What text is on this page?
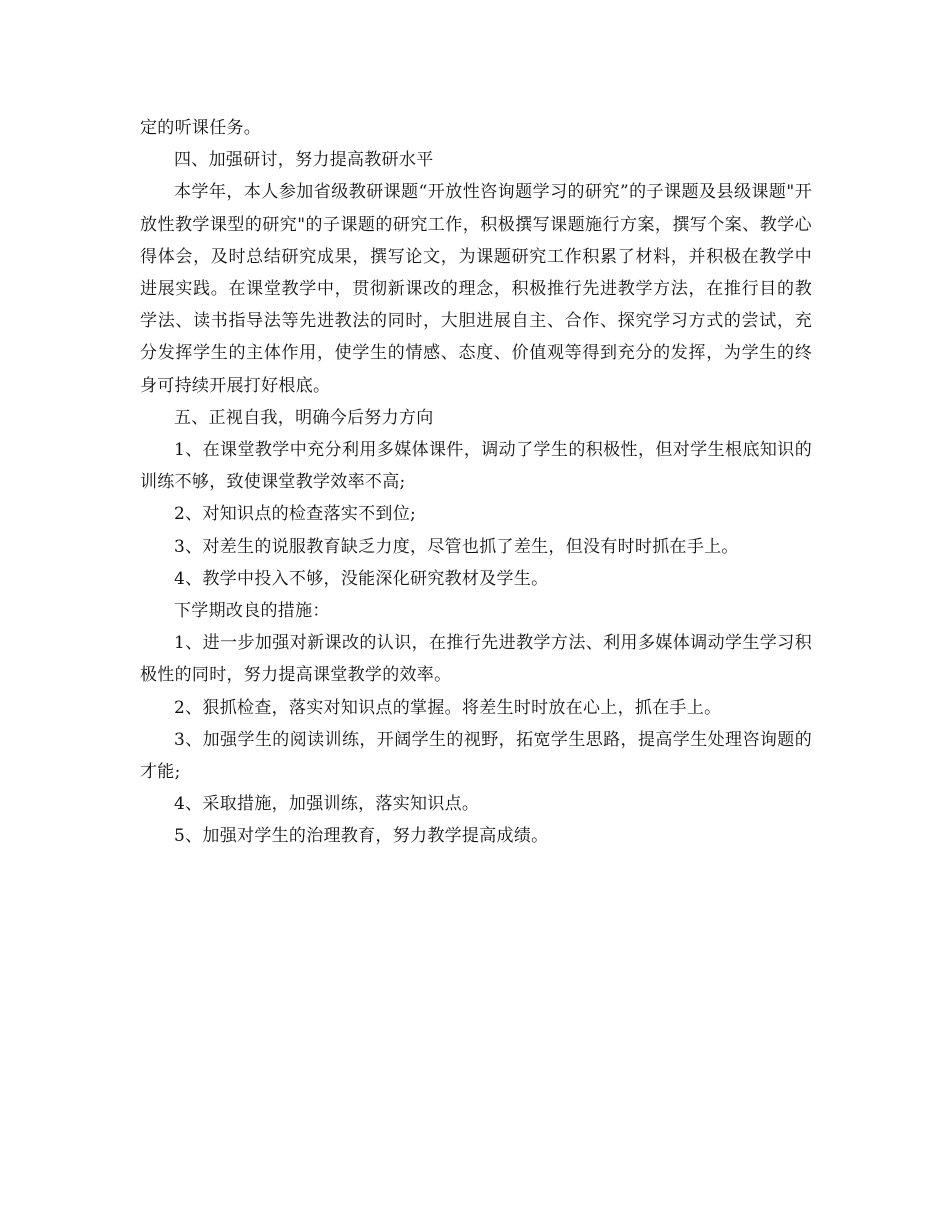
定的听课任务。

四、加强研讨，努力提高教研水平

本学年，本人参加省级教研课题“开放性咨询题学习的研究”的子课题及县级课题"开放性教学课型的研究"的子课题的研究工作，积极撰写课题施行方案，撰写个案、教学心得体会，及时总结研究成果，撰写论文，为课题研究工作积累了材料，并积极在教学中进展实践。在课堂教学中，贯彻新课改的理念，积极推行先进教学方法，在推行目的教学法、读书指导法等先进教法的同时，大胆进展自主、合作、探究学习方式的尝试，充分发挥学生的主体作用，使学生的情感、态度、价值观等得到充分的发挥，为学生的终身可持续开展打好根底。

五、正视自我，明确今后努力方向

1、在课堂教学中充分利用多媒体课件，调动了学生的积极性，但对学生根底知识的训练不够，致使课堂教学效率不高;

2、对知识点的检查落实不到位;

3、对差生的说服教育缺乏力度，尽管也抓了差生，但没有时时抓在手上。

4、教学中投入不够，没能深化研究教材及学生。

下学期改良的措施：

1、进一步加强对新课改的认识，在推行先进教学方法、利用多媒体调动学生学习积极性的同时，努力提高课堂教学的效率。

2、狠抓检查，落实对知识点的掌握。将差生时时放在心上，抓在手上。

3、加强学生的阅读训练，开阔学生的视野，拓宽学生思路，提高学生处理咨询题的才能;

4、采取措施，加强训练，落实知识点。

5、加强对学生的治理教育，努力教学提高成绩。
